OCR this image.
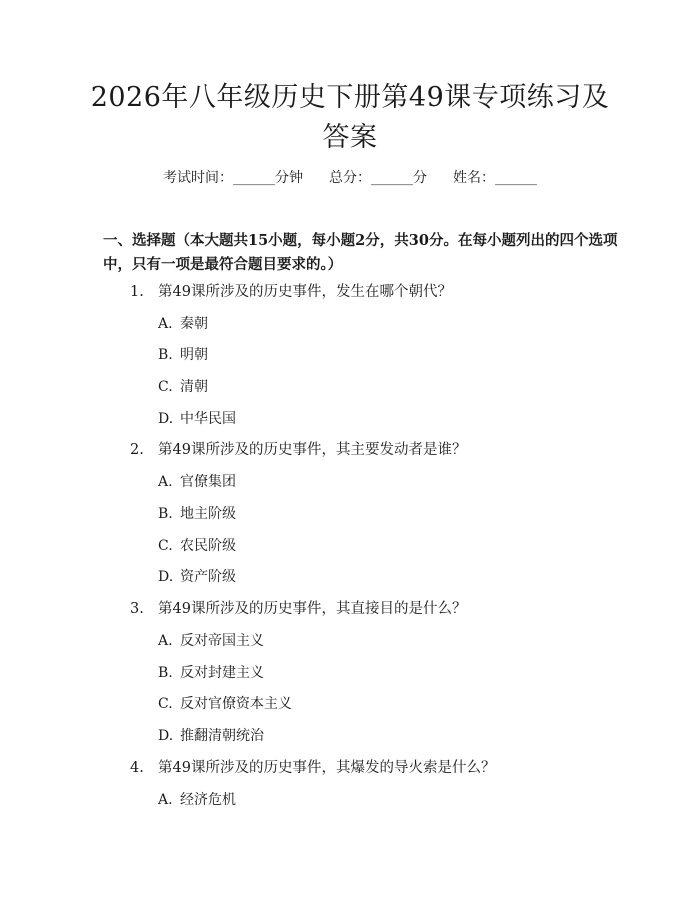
2026年八年级历史下册第49课专项练习及
答案
考试时间：______分钟 总分：______分 姓名：______
一、选择题（本大题共15小题，每小题2分，共30分。在每小题列出的四个选项中，只有一项是最符合题目要求的。）
1. 第49课所涉及的历史事件，发生在哪个朝代？
A. 秦朝
B. 明朝
C. 清朝
D. 中华民国
2. 第49课所涉及的历史事件，其主要发动者是谁？
A. 官僚集团
B. 地主阶级
C. 农民阶级
D. 资产阶级
3. 第49课所涉及的历史事件，其直接目的是什么？
A. 反对帝国主义
B. 反对封建主义
C. 反对官僚资本主义
D. 推翻清朝统治
4. 第49课所涉及的历史事件，其爆发的导火索是什么？
A. 经济危机
